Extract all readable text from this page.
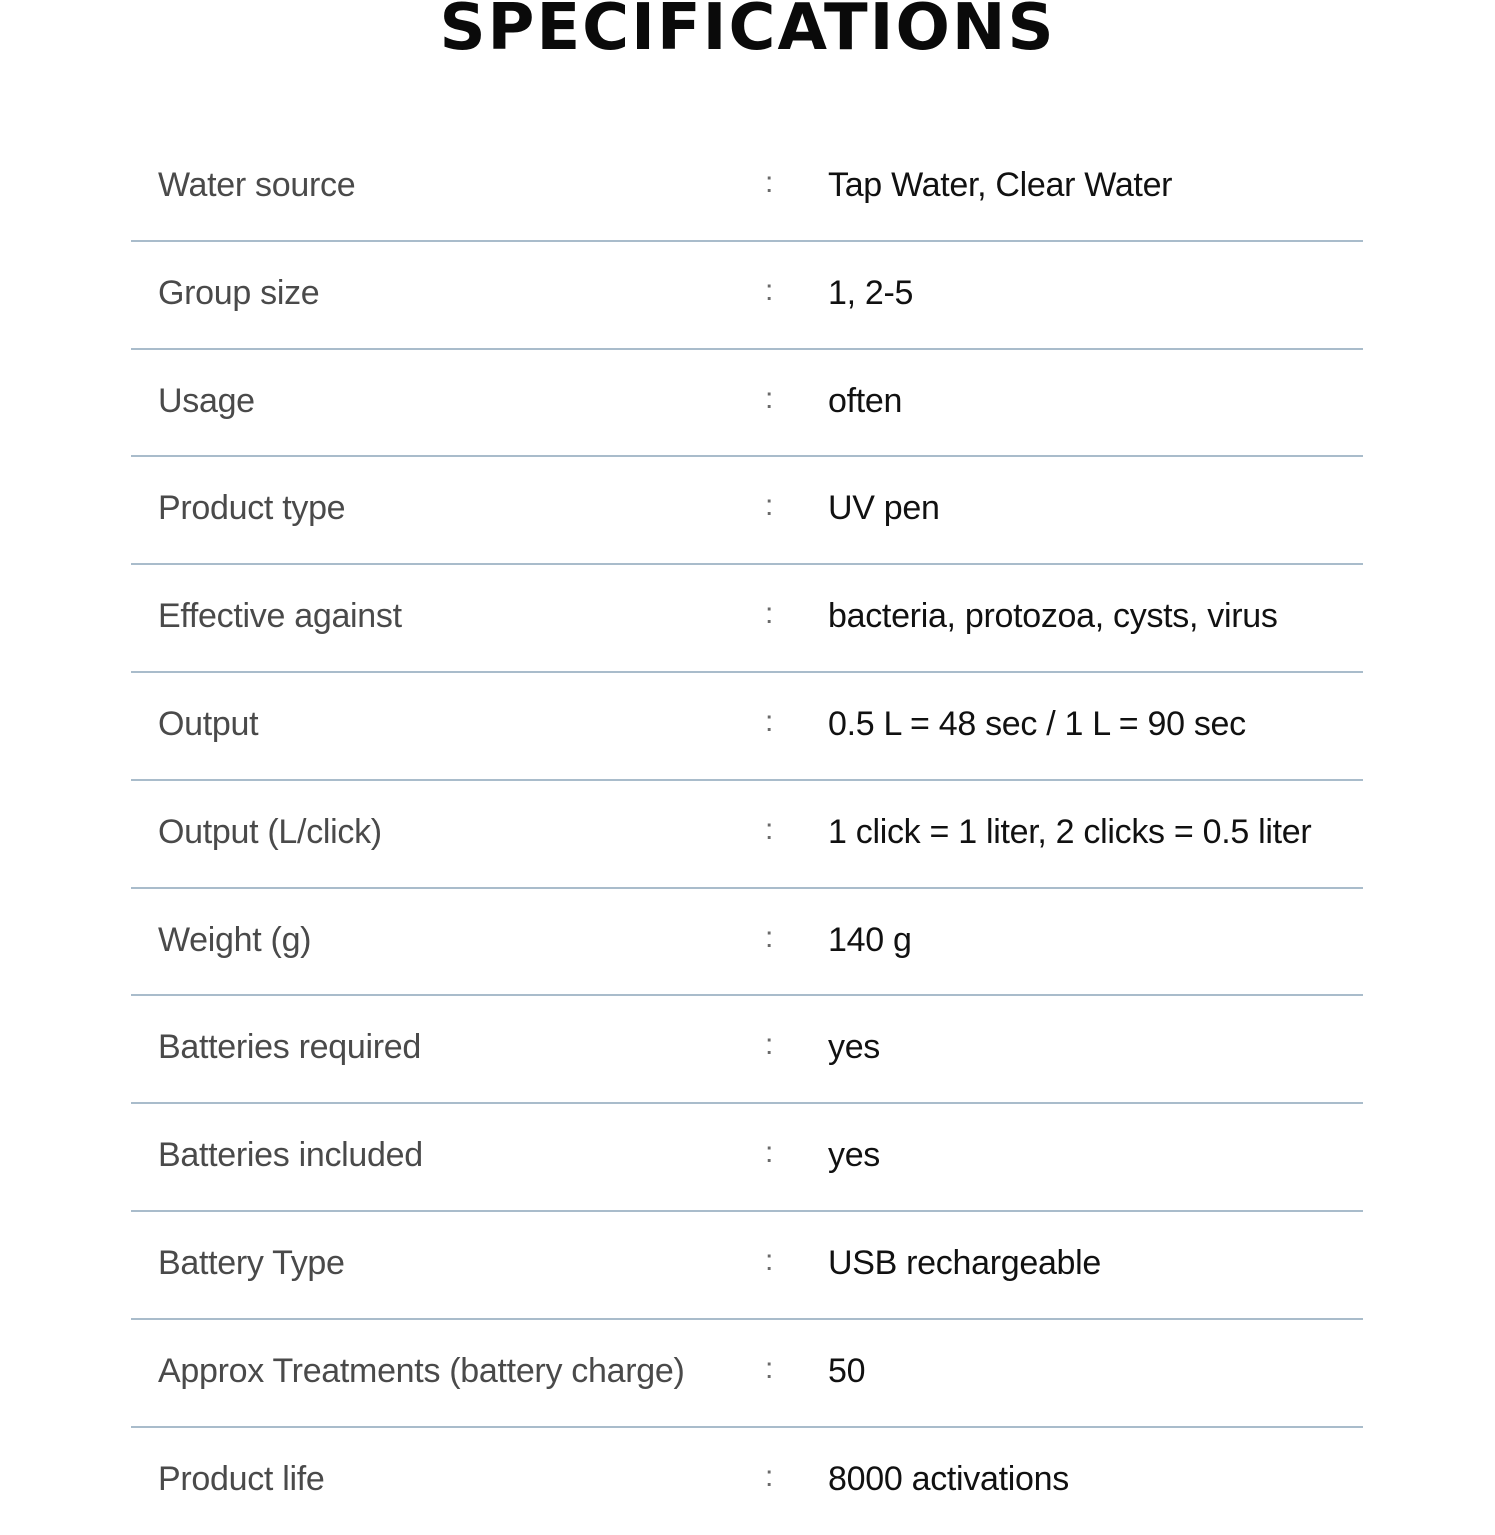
SPECIFICATIONS
Water source	: Tap Water, Clear Water
Group size	: 1, 2-5
Usage	: often
Product type	: UV pen
Effective against	: bacteria, protozoa, cysts, virus
Output	: 0.5 L = 48 sec / 1 L = 90 sec
Output (L/click)	: 1 click = 1 liter, 2 clicks = 0.5 liter
Weight (g)	: 140 g
Batteries required	: yes
Batteries included	: yes
Battery Type	: USB rechargeable
Approx Treatments (battery charge)	: 50
Product life	: 8000 activations
